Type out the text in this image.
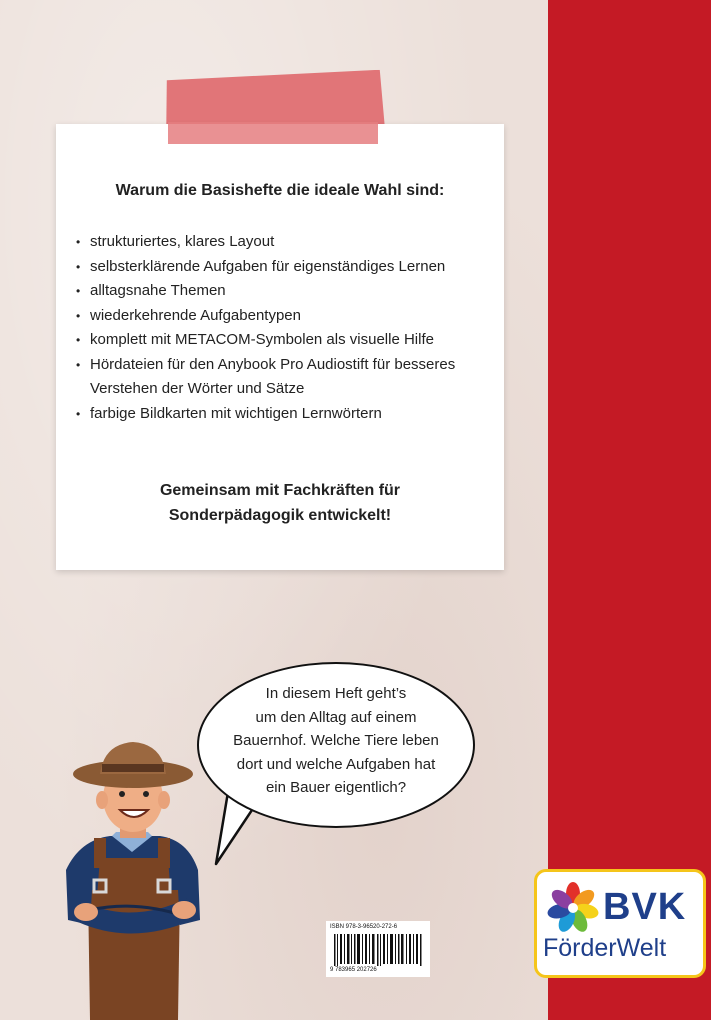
Warum die Basishefte die ideale Wahl sind:
• strukturiertes, klares Layout
• selbsterklärende Aufgaben für eigenständiges Lernen
• alltagsnahe Themen
• wiederkehrende Aufgabentypen
• komplett mit METACOM-Symbolen als visuelle Hilfe
• Hördateien für den Anybook Pro Audiostift für besseres Verstehen der Wörter und Sätze
• farbige Bildkarten mit wichtigen Lernwörtern
Gemeinsam mit Fachkräften für
Sonderpädagogik entwickelt!
In diesem Heft geht’s
um den Alltag auf einem
Bauernhof. Welche Tiere leben
dort und welche Aufgaben hat
ein Bauer eigentlich?
ISBN 978-3-96520-272-6
9 783965 202726
BVK
FörderWelt
